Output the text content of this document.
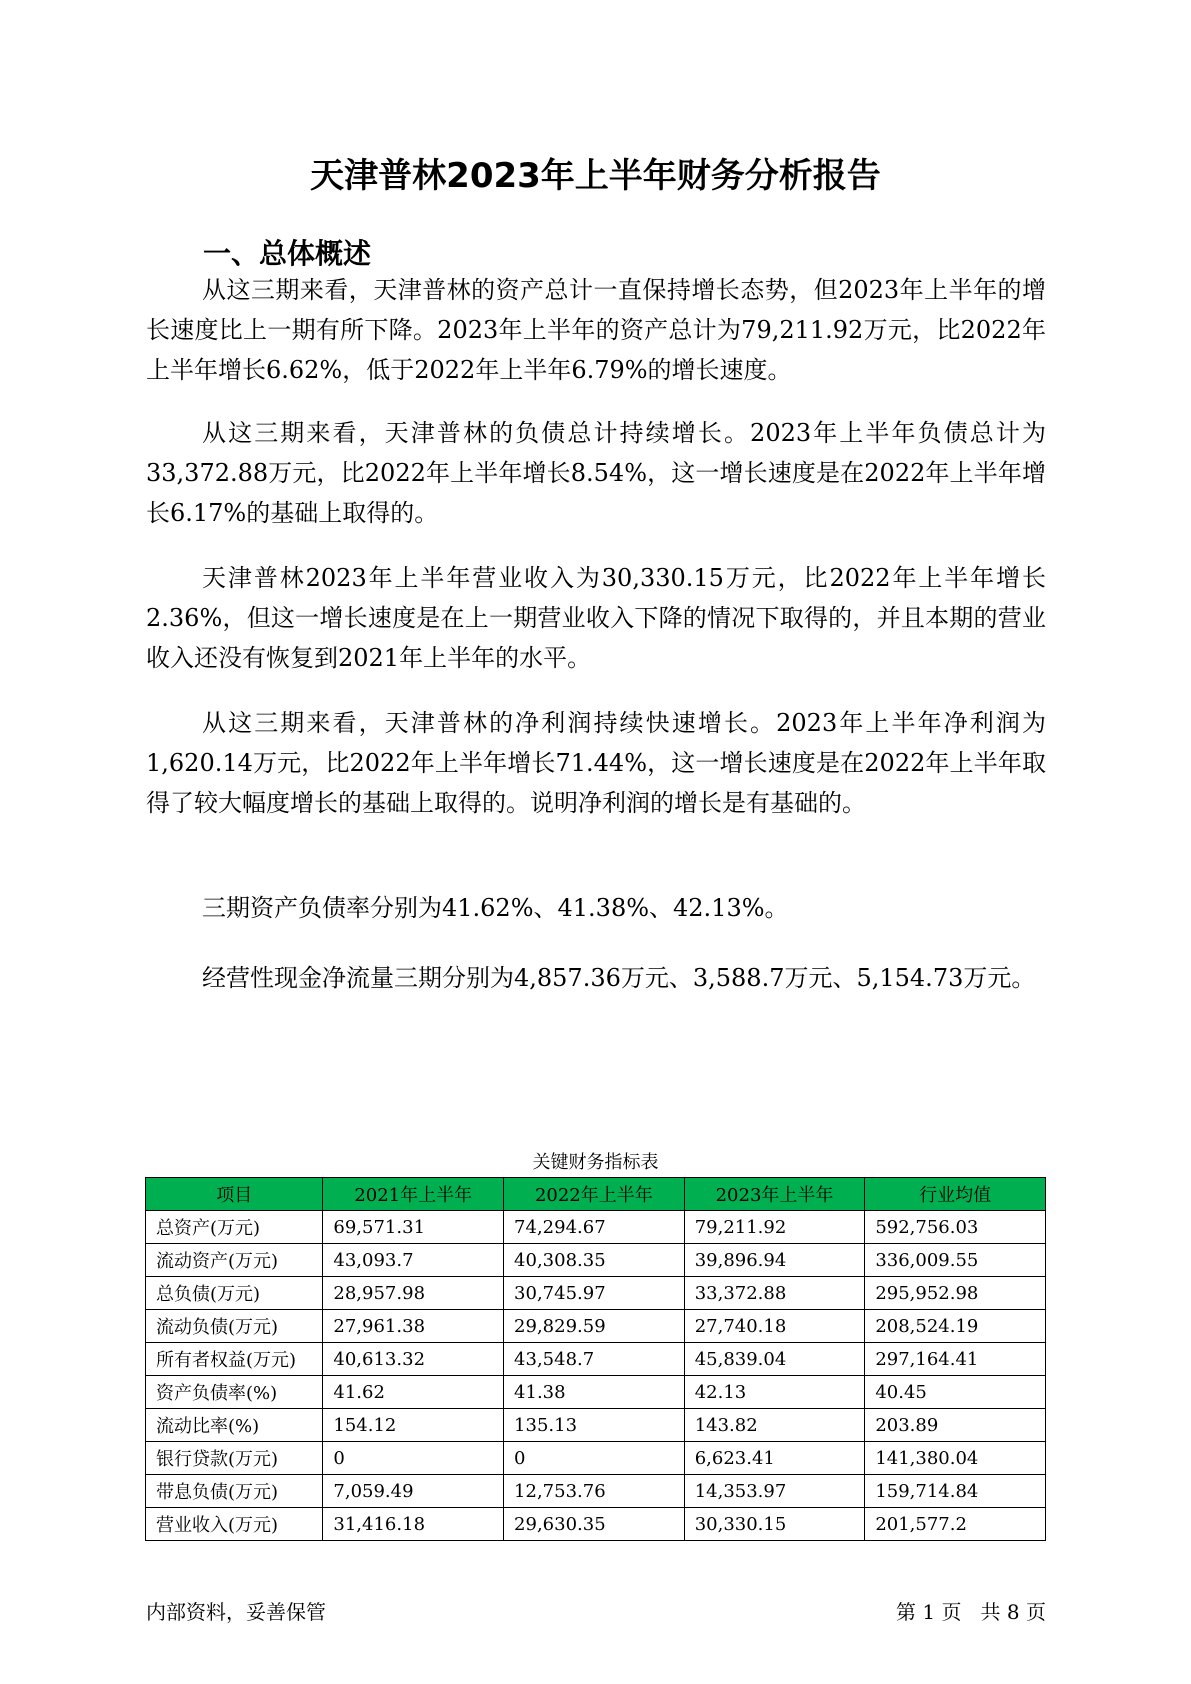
天津普林2023年上半年财务分析报告
一、总体概述

从这三期来看，天津普林的资产总计一直保持增长态势，但2023年上半年的增长速度比上一期有所下降。2023年上半年的资产总计为79,211.92万元，比2022年上半年增长6.62%，低于2022年上半年6.79%的增长速度。

从这三期来看，天津普林的负债总计持续增长。2023年上半年负债总计为33,372.88万元，比2022年上半年增长8.54%，这一增长速度是在2022年上半年增长6.17%的基础上取得的。

天津普林2023年上半年营业收入为30,330.15万元，比2022年上半年增长2.36%，但这一增长速度是在上一期营业收入下降的情况下取得的，并且本期的营业收入还没有恢复到2021年上半年的水平。

从这三期来看，天津普林的净利润持续快速增长。2023年上半年净利润为1,620.14万元，比2022年上半年增长71.44%，这一增长速度是在2022年上半年取得了较大幅度增长的基础上取得的。说明净利润的增长是有基础的。

三期资产负债率分别为41.62%、41.38%、42.13%。

经营性现金净流量三期分别为4,857.36万元、3,588.7万元、5,154.73万元。

关键财务指标表
项目	2021年上半年	2022年上半年	2023年上半年	行业均值
总资产(万元)	69,571.31	74,294.67	79,211.92	592,756.03
流动资产(万元)	43,093.7	40,308.35	39,896.94	336,009.55
总负债(万元)	28,957.98	30,745.97	33,372.88	295,952.98
流动负债(万元)	27,961.38	29,829.59	27,740.18	208,524.19
所有者权益(万元)	40,613.32	43,548.7	45,839.04	297,164.41
资产负债率(%)	41.62	41.38	42.13	40.45
流动比率(%)	154.12	135.13	143.82	203.89
银行贷款(万元)	0	0	6,623.41	141,380.04
带息负债(万元)	7,059.49	12,753.76	14,353.97	159,714.84
营业收入(万元)	31,416.18	29,630.35	30,330.15	201,577.2
内部资料，妥善保管	第 1 页   共 8 页
